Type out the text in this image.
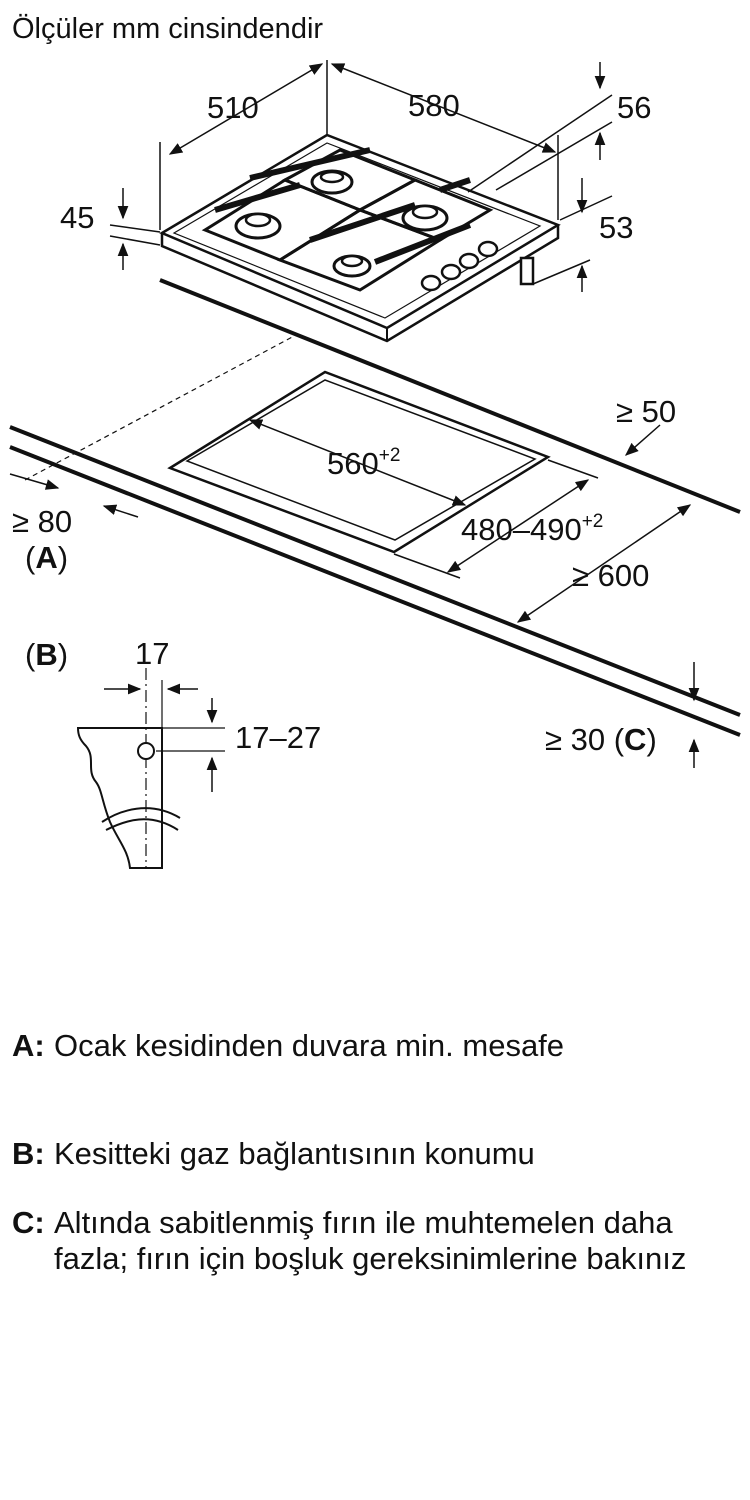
Ölçüler mm cinsindendir
510	580	56
45	53
≥ 50
$560^{+2}$
$480-490^{+2}$
≥ 80
(A)
≥ 600
≥ 30 (C)
(B) 17
17–27
A: Ocak kesidinden duvara min. mesafe
B: Kesitteki gaz bağlantısının konumu
C: Altında sabitlenmiş fırın ile muhtemelen daha fazla; fırın için boşluk gereksinimlerine bakınız
